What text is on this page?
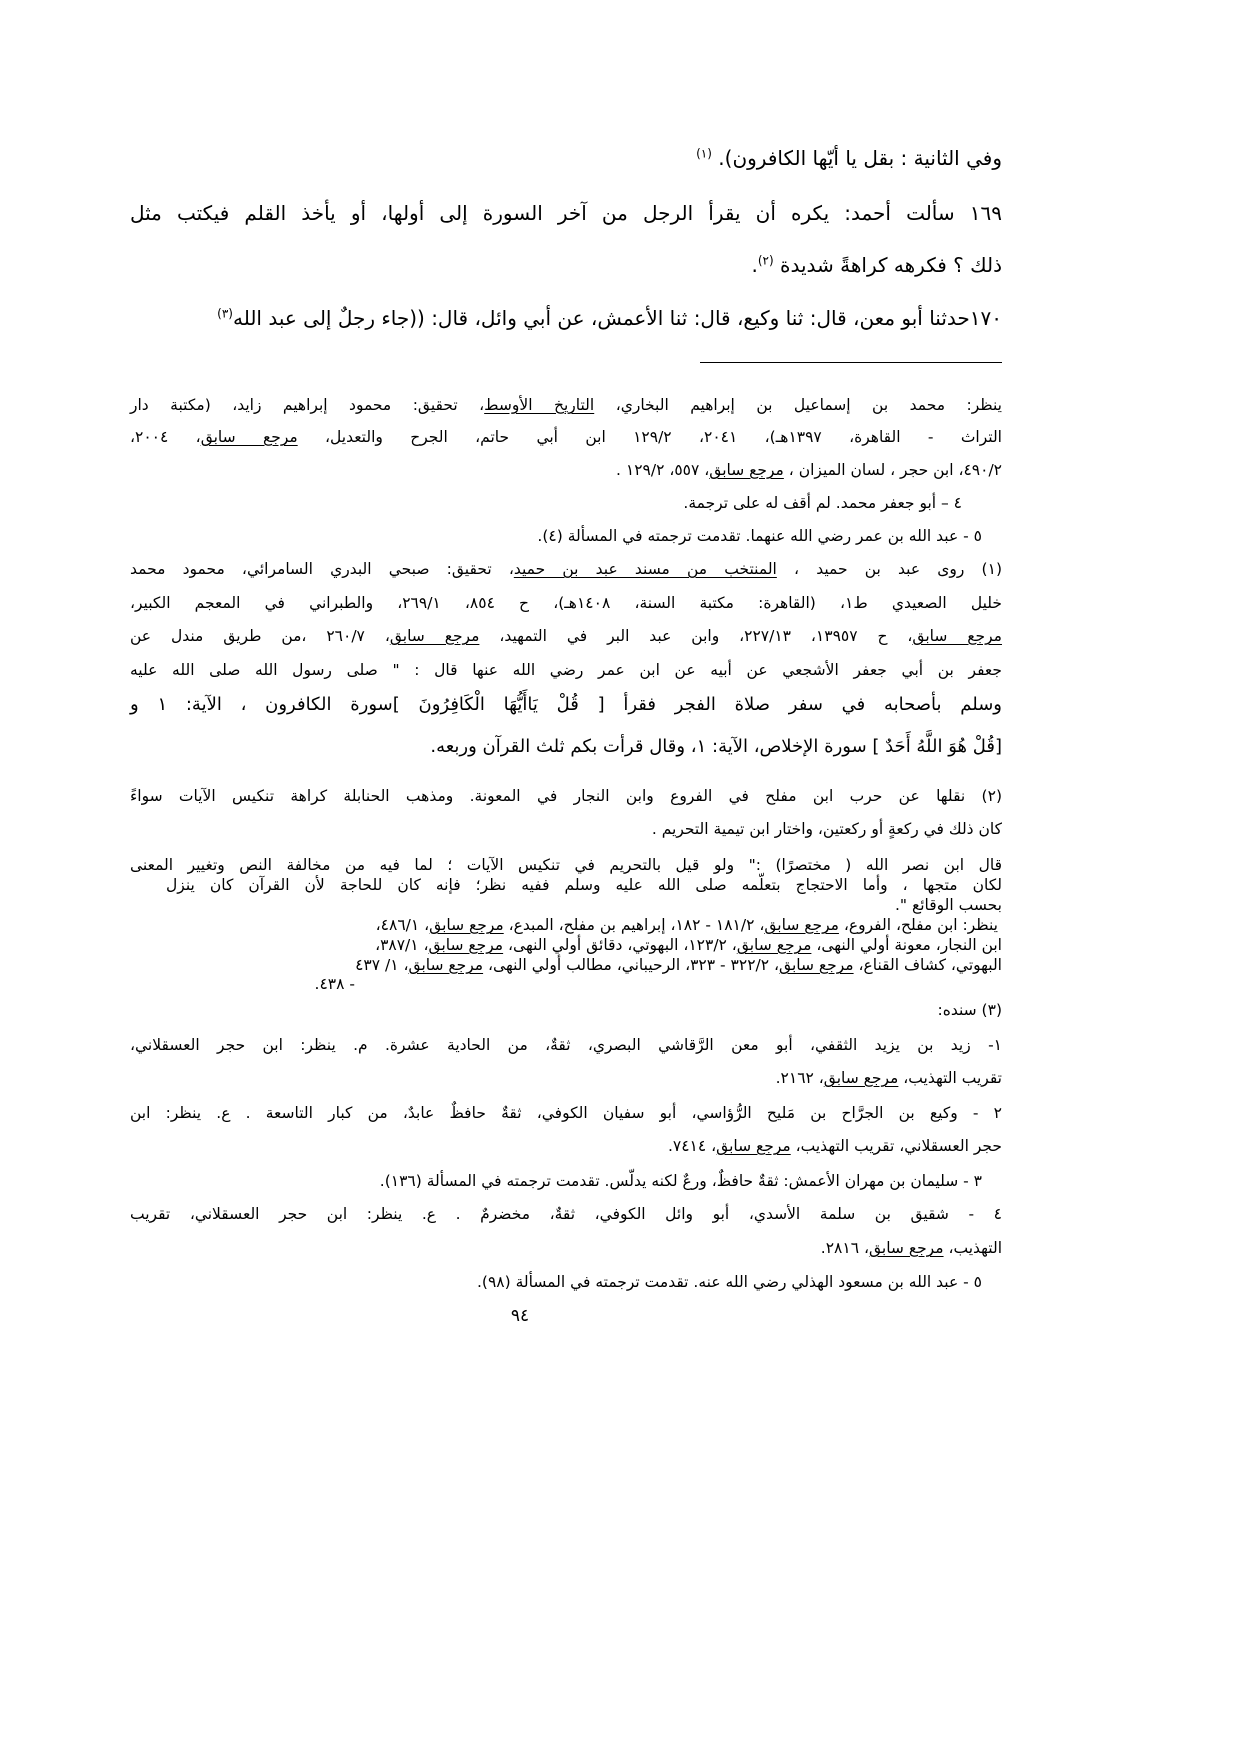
وفي الثانية : بقل يا أيّها الكافرون). $^{(١)}$
١٦٩ سألت أحمد: يكره أن يقرأ الرجل من آخر السورة إلى أولها، أو يأخذ القلم فيكتب مثل
ذلك ؟ فكرهه كراهةً شديدة $^{(٢)}$.
١٧٠حدثنا أبو معن، قال: ثنا وكيع، قال: ثنا الأعمش، عن أبي وائل، قال: ((جاء رجلٌ إلى عبد الله$^{(٣)}$
ينظر: محمد بن إسماعيل بن إبراهيم البخاري، التاريخ الأوسط، تحقيق: محمود إبراهيم زايد، (مكتبة دار
التراث - القاهرة، ١٣٩٧هـ)، ٢٠٤١، ١٢٩/٢ ابن أبي حاتم، الجرح والتعديل، مرجع سابق، ٢٠٠٤،
٤٩٠/٢، ابن حجر ، لسان الميزان ، مرجع سابق، ٥٥٧، ١٢٩/٢ .
٤ – أبو جعفر محمد. لم أقف له على ترجمة.
٥ - عبد الله بن عمر رضي الله عنهما. تقدمت ترجمته في المسألة (٤).
(١) روى عبد بن حميد ، المنتخب من مسند عبد بن حميد، تحقيق: صبحي البدري السامرائي، محمود محمد
خليل الصعيدي ط١، (القاهرة: مكتبة السنة، ١٤٠٨هـ)، ح ٨٥٤، ٢٦٩/١، والطبراني في المعجم الكبير،
مرجع سابق، ح ١٣٩٥٧، ٢٢٧/١٣، وابن عبد البر في التمهيد، مرجع سابق، ٢٦٠/٧ ،من طريق مندل عن
جعفر بن أبي جعفر الأشجعي عن أبيه عن ابن عمر رضي الله عنها قال : " صلى رسول الله صلى الله عليه
وسلم بأصحابه في سفر صلاة الفجر فقرأ [ قُلْ يَاأَيُّهَا الْكَافِرُونَ ]سورة الكافرون ، الآية: ١ و
[قُلْ هُوَ اللَّهُ أَحَدٌ ] سورة الإخلاص، الآية: ١، وقال قرأت بكم ثلث القرآن وربعه.
(٢) نقلها عن حرب ابن مفلح في الفروع وابن النجار في المعونة. ومذهب الحنابلة كراهة تنكيس الآيات سواءً
كان ذلك في ركعةٍ أو ركعتين، واختار ابن تيمية التحريم .
قال ابن نصر الله ( مختصرًا) :" ولو قيل بالتحريم في تنكيس الآيات ؛ لما فيه من مخالفة النص وتغيير المعنى
لكان متجها ، وأما الاحتجاج بتعلّمه صلى الله عليه وسلم ففيه نظر؛ فإنه كان للحاجة لأن القرآن كان ينزل
بحسب الوقائع ".
ينظر: ابن مفلح، الفروع، مرجع سابق، ١٨١/٢ - ١٨٢، إبراهيم بن مفلح، المبدع، مرجع سابق، ٤٨٦/١،
ابن النجار، معونة أولي النهى، مرجع سابق، ١٢٣/٢، البهوتي، دقائق أولي النهى، مرجع سابق، ٣٨٧/١،
البهوتي، كشاف القناع، مرجع سابق، ٣٢٢/٢ - ٣٢٣، الرحيباني، مطالب أولي النهى، مرجع سابق، ١/ ٤٣٧
- ٤٣٨.
(٣) سنده:
١- زيد بن يزيد الثقفي، أبو معن الرَّقاشي البصري، ثقةٌ، من الحادية عشرة. م. ينظر: ابن حجر العسقلاني،
تقريب التهذيب، مرجع سابق، ٢١٦٢.
٢ - وكيع بن الجرَّاح بن مَليح الرُّؤاسي، أبو سفيان الكوفي، ثقةٌ حافظٌ عابدٌ، من كبار التاسعة . ع. ينظر: ابن
حجر العسقلاني، تقريب التهذيب، مرجع سابق، ٧٤١٤.
٣ - سليمان بن مهران الأعمش: ثقةٌ حافظٌ، ورعٌ لكنه يدلّس. تقدمت ترجمته في المسألة (١٣٦).
٤ - شقيق بن سلمة الأسدي، أبو وائل الكوفي، ثقةٌ، مخضرمٌ . ع. ينظر: ابن حجر العسقلاني، تقريب
التهذيب، مرجع سابق، ٢٨١٦.
٥ - عبد الله بن مسعود الهذلي رضي الله عنه. تقدمت ترجمته في المسألة (٩٨).
٩٤
